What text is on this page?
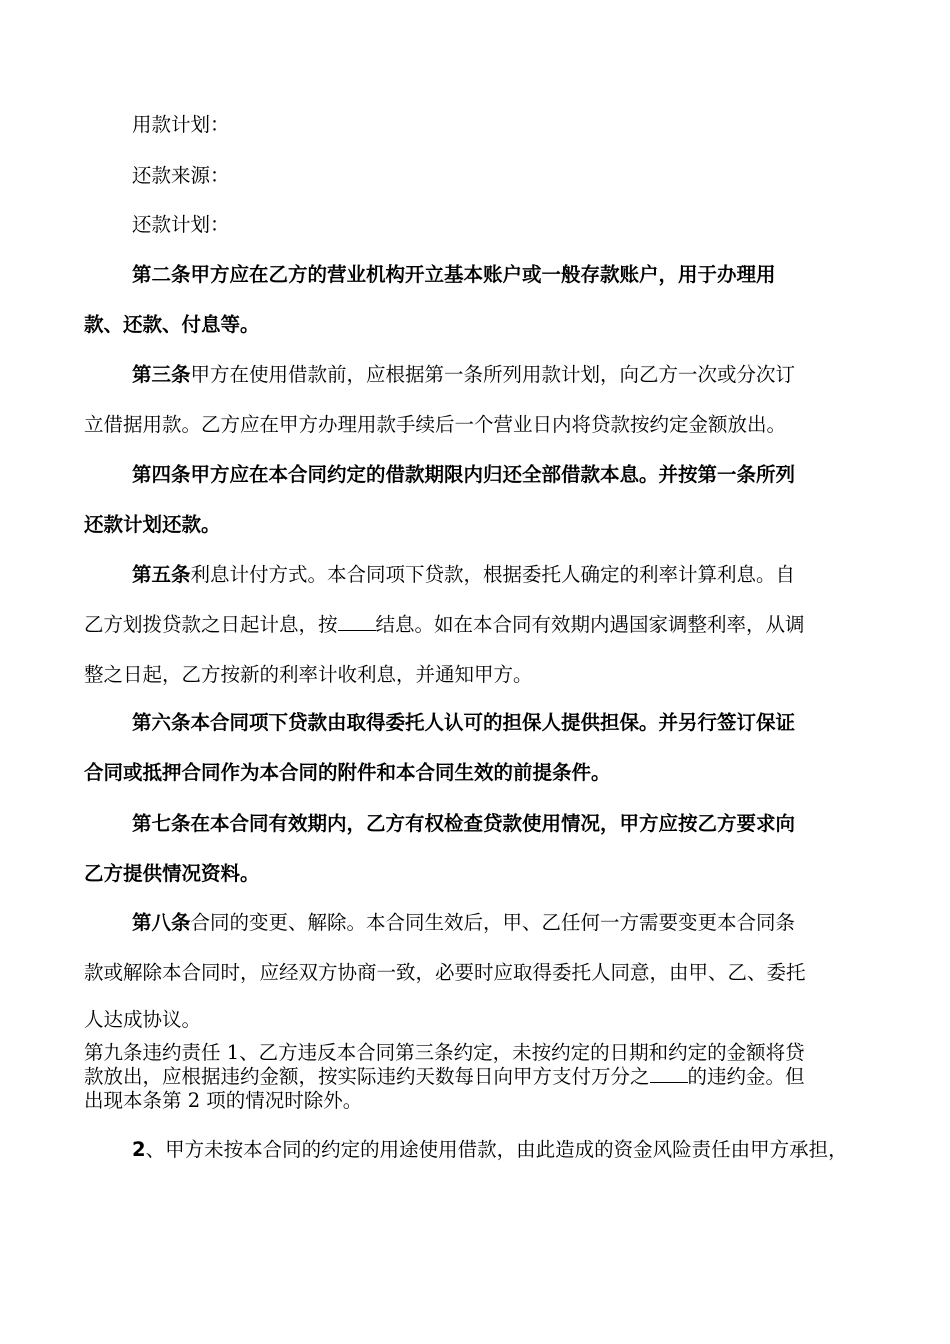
用款计划：

还款来源：

还款计划：

第二条甲方应在乙方的营业机构开立基本账户或一般存款账户，用于办理用

款、还款、付息等。

第三条甲方在使用借款前，应根据第一条所列用款计划，向乙方一次或分次订

立借据用款。乙方应在甲方办理用款手续后一个营业日内将贷款按约定金额放出。

第四条甲方应在本合同约定的借款期限内归还全部借款本息。并按第一条所列

还款计划还款。

第五条利息计付方式。本合同项下贷款，根据委托人确定的利率计算利息。自

乙方划拨贷款之日起计息，按 结息。如在本合同有效期内遇国家调整利率，从调

整之日起，乙方按新的利率计收利息，并通知甲方。

第六条本合同项下贷款由取得委托人认可的担保人提供担保。并另行签订保证

合同或抵押合同作为本合同的附件和本合同生效的前提条件。

第七条在本合同有效期内，乙方有权检查贷款使用情况，甲方应按乙方要求向

乙方提供情况资料。

第八条合同的变更、解除。本合同生效后，甲、乙任何一方需要变更本合同条

款或解除本合同时，应经双方协商一致，必要时应取得委托人同意，由甲、乙、委托

人达成协议。

第九条违约责任 1、乙方违反本合同第三条约定，未按约定的日期和约定的金额将贷

款放出，应根据违约金额，按实际违约天数每日向甲方支付万分之 的违约金。但

出现本条第 2 项的情况时除外。

2、甲方未按本合同的约定的用途使用借款，由此造成的资金风险责任由甲方承担，
